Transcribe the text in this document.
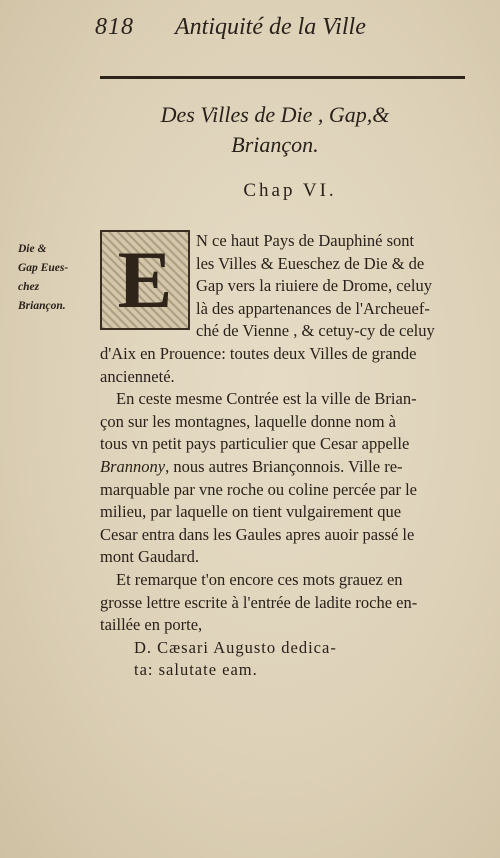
818 Antiquité de la Ville
Des Villes de Die , Gap,&
Briançon.
Chap VI.
Die &
Gap Eues-
chez
Briançon.
N ce haut Pays de Dauphiné sont
les Villes & Eueschez de Die & de
Gap vers la riuiere de Drome, celuy
là des appartenances de l'Archeuef-
ché de Vienne , & cetuy-cy de celuy
d'Aix en Prouence: toutes deux Villes de grande
ancienneté.
En ceste mesme Contrée est la ville de Brian-
çon sur les montagnes, laquelle donne nom à
tous vn petit pays particulier que Cesar appelle
Brannony, nous autres Briançonnois. Ville re-
marquable par vne roche ou coline percée par le
milieu, par laquelle on tient vulgairement que
Cesar entra dans les Gaules apres auoir passé le
mont Gaudard.
Et remarque t'on encore ces mots grauez en
grosse lettre escrite à l'entrée de ladite roche en-
taillée en porte,
D. Cæsari Augusto dedica-
ta: salutate eam.
E
